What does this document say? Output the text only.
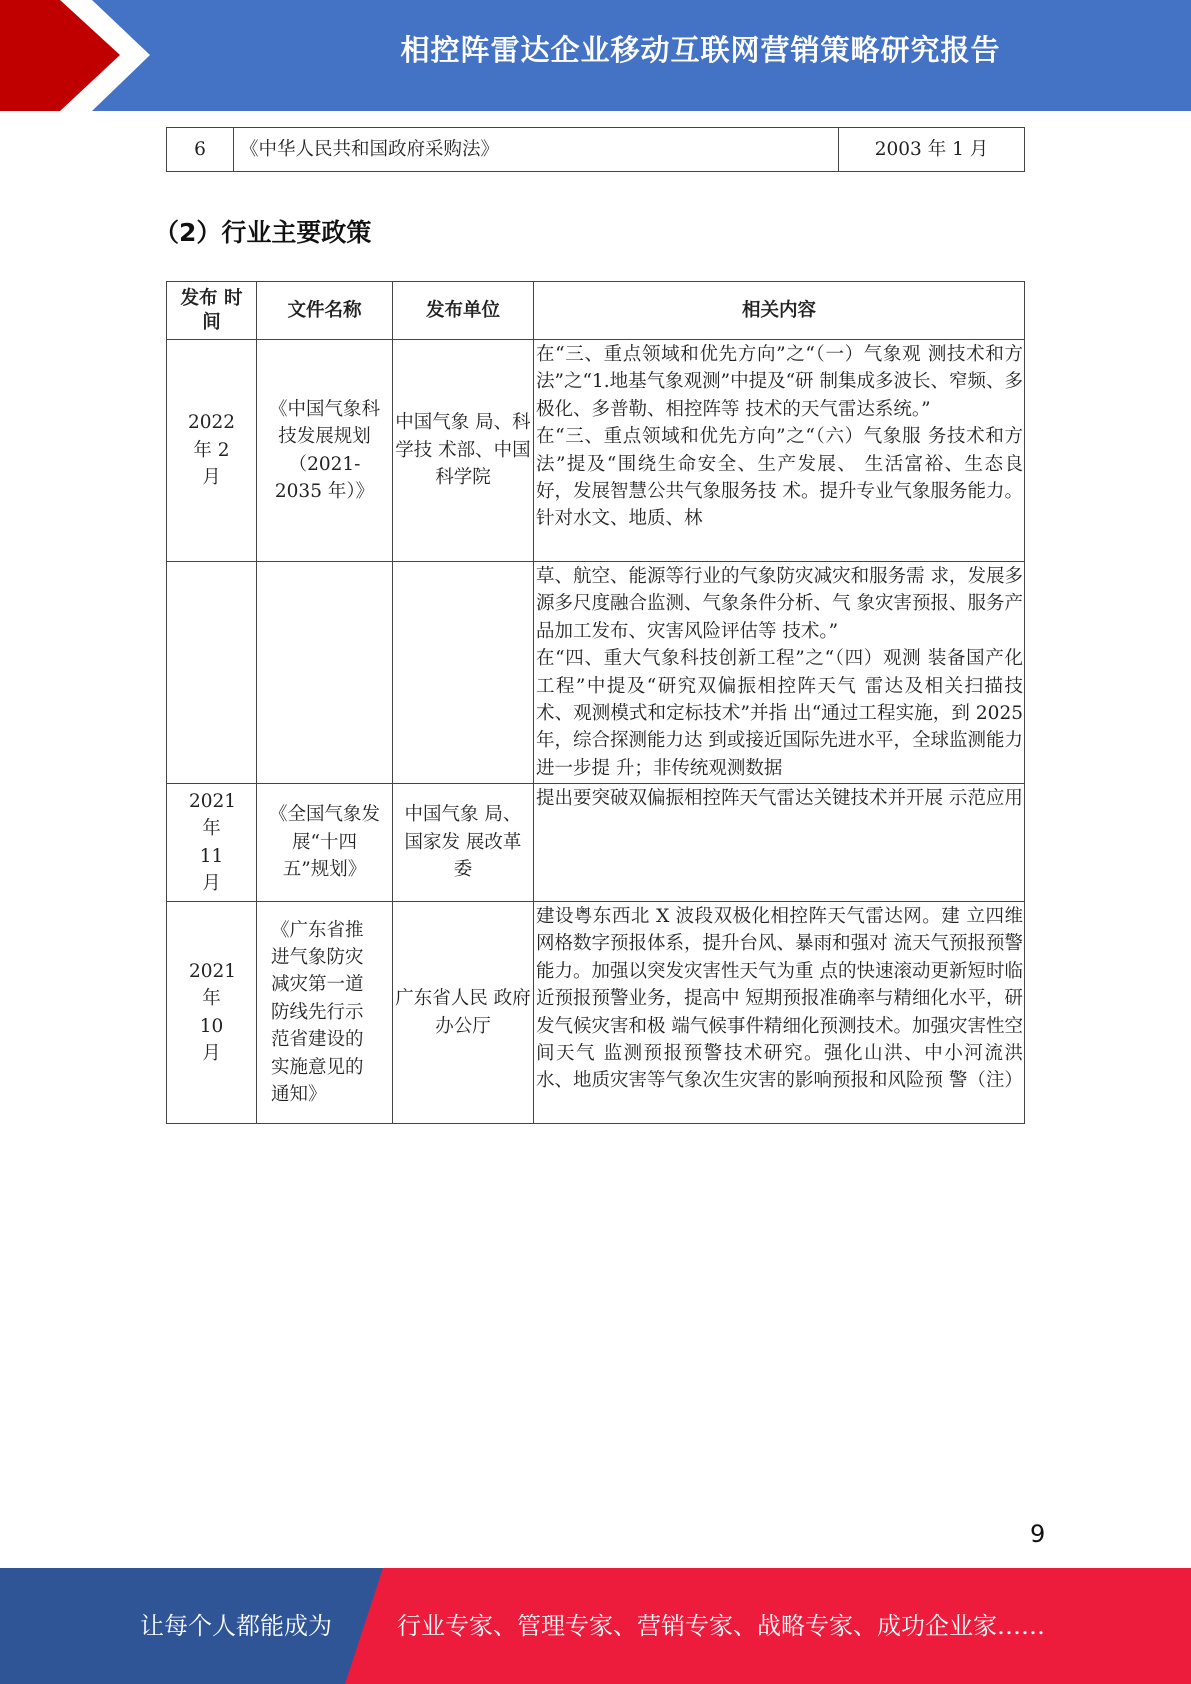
相控阵雷达企业移动互联网营销策略研究报告
6	《中华人民共和国政府采购法》	2003 年 1 月
（2）行业主要政策
发布 时间	文件名称	发布单位	相关内容
2022 年 2 月	《中国气象科技发展规划（2021-2035 年）》	中国气象 局、科学技 术部、中国 科学院	在“三、重点领域和优先方向”之“（一）气象观 测技术和方法”之“1.地基气象观测”中提及“研 制集成多波长、窄频、多极化、多普勒、相控阵等 技术的天气雷达系统。”
在“三、重点领域和优先方向”之“（六）气象服 务技术和方法”提及“围绕生命安全、生产发展、 生活富裕、生态良好，发展智慧公共气象服务技 术。提升专业气象服务能力。针对水文、地质、林
			草、航空、能源等行业的气象防灾减灾和服务需 求，发展多源多尺度融合监测、气象条件分析、气 象灾害预报、服务产品加工发布、灾害风险评估等 技术。”
在“四、重大气象科技创新工程”之“（四）观测 装备国产化工程”中提及“研究双偏振相控阵天气 雷达及相关扫描技术、观测模式和定标技术”并指 出“通过工程实施，到 2025 年，综合探测能力达 到或接近国际先进水平，全球监测能力进一步提 升；非传统观测数据
2021 年 11 月	《全国气象发展“十四五”规划》	中国气象 局、国家发 展改革委	提出要突破双偏振相控阵天气雷达关键技术并开展 示范应用
2021 年 10 月	《广东省推进气象防灾减灾第一道防线先行示范省建设的实施意见的通知》	广东省人民 政府办公厅	建设粤东西北 X 波段双极化相控阵天气雷达网。建 立四维网格数字预报体系，提升台风、暴雨和强对 流天气预报预警能力。加强以突发灾害性天气为重 点的快速滚动更新短时临近预报预警业务，提高中 短期预报准确率与精细化水平，研发气候灾害和极 端气候事件精细化预测技术。加强灾害性空间天气 监测预报预警技术研究。强化山洪、中小河流洪 水、地质灾害等气象次生灾害的影响预报和风险预 警（注）
9
让每个人都能成为	行业专家、管理专家、营销专家、战略专家、成功企业家……
